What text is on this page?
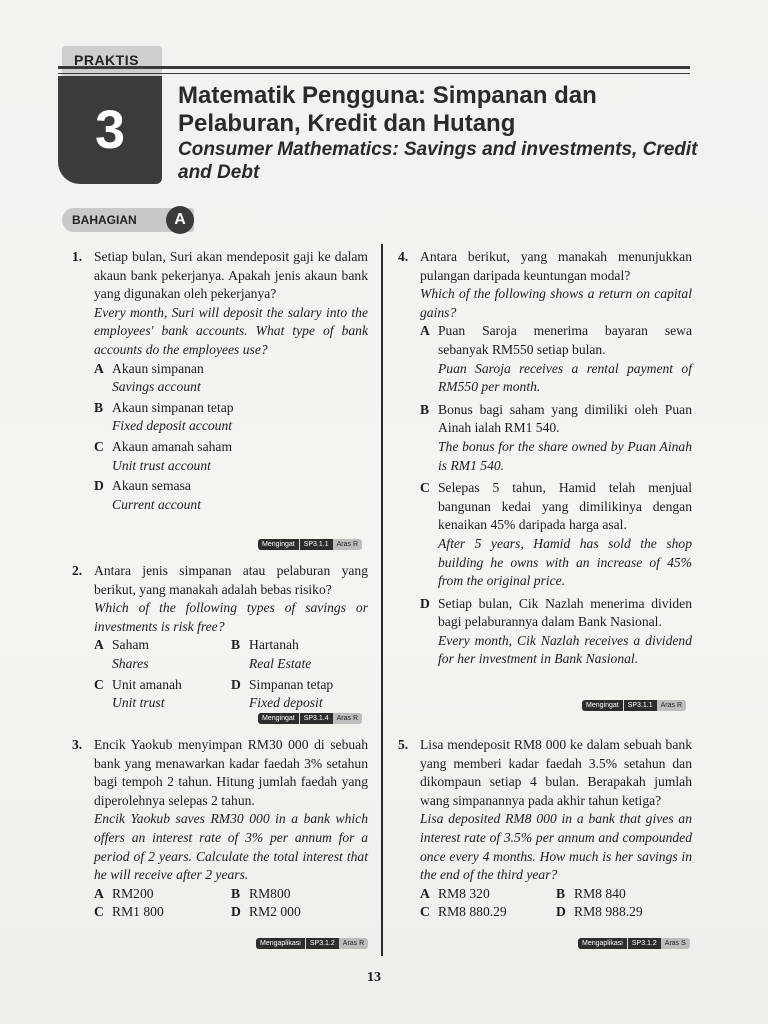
PRAKTIS
3
Matematik Pengguna: Simpanan dan Pelaburan, Kredit dan Hutang
Consumer Mathematics: Savings and investments, Credit and Debt
BAHAGIAN	A
1. Setiap bulan, Suri akan mendeposit gaji ke dalam akaun bank pekerjanya. Apakah jenis akaun bank yang digunakan oleh pekerjanya?
Every month, Suri will deposit the salary into the employees' bank accounts. What type of bank accounts do the employees use?
A Akaun simpanan
Savings account
B Akaun simpanan tetap
Fixed deposit account
C Akaun amanah saham
Unit trust account
D Akaun semasa
Current account
Mengingat	SP3.1.1	Aras R
2. Antara jenis simpanan atau pelaburan yang berikut, yang manakah adalah bebas risiko?
Which of the following types of savings or investments is risk free?
A Saham
Shares
B Hartanah
Real Estate
C Unit amanah
Unit trust
D Simpanan tetap
Fixed deposit
Mengingat	SP3.1.4	Aras R
3. Encik Yaokub menyimpan RM30 000 di sebuah bank yang menawarkan kadar faedah 3% setahun bagi tempoh 2 tahun. Hitung jumlah faedah yang diperolehnya selepas 2 tahun.
Encik Yaokub saves RM30 000 in a bank which offers an interest rate of 3% per annum for a period of 2 years. Calculate the total interest that he will receive after 2 years.
A RM200	B RM800
C RM1 800	D RM2 000
Mengaplikasi	SP3.1.2	Aras R
4. Antara berikut, yang manakah menunjukkan pulangan daripada keuntungan modal?
Which of the following shows a return on capital gains?
A Puan Saroja menerima bayaran sewa sebanyak RM550 setiap bulan.
Puan Saroja receives a rental payment of RM550 per month.
B Bonus bagi saham yang dimiliki oleh Puan Ainah ialah RM1 540.
The bonus for the share owned by Puan Ainah is RM1 540.
C Selepas 5 tahun, Hamid telah menjual bangunan kedai yang dimilikinya dengan kenaikan 45% daripada harga asal.
After 5 years, Hamid has sold the shop building he owns with an increase of 45% from the original price.
D Setiap bulan, Cik Nazlah menerima dividen bagi pelaburannya dalam Bank Nasional.
Every month, Cik Nazlah receives a dividend for her investment in Bank Nasional.
Mengingat	SP3.1.1	Aras R
5. Lisa mendeposit RM8 000 ke dalam sebuah bank yang memberi kadar faedah 3.5% setahun dan dikompaun setiap 4 bulan. Berapakah jumlah wang simpanannya pada akhir tahun ketiga?
Lisa deposited RM8 000 in a bank that gives an interest rate of 3.5% per annum and compounded once every 4 months. How much is her savings in the end of the third year?
A RM8 320	B RM8 840
C RM8 880.29	D RM8 988.29
Mengaplikasi	SP3.1.2	Aras S
13
